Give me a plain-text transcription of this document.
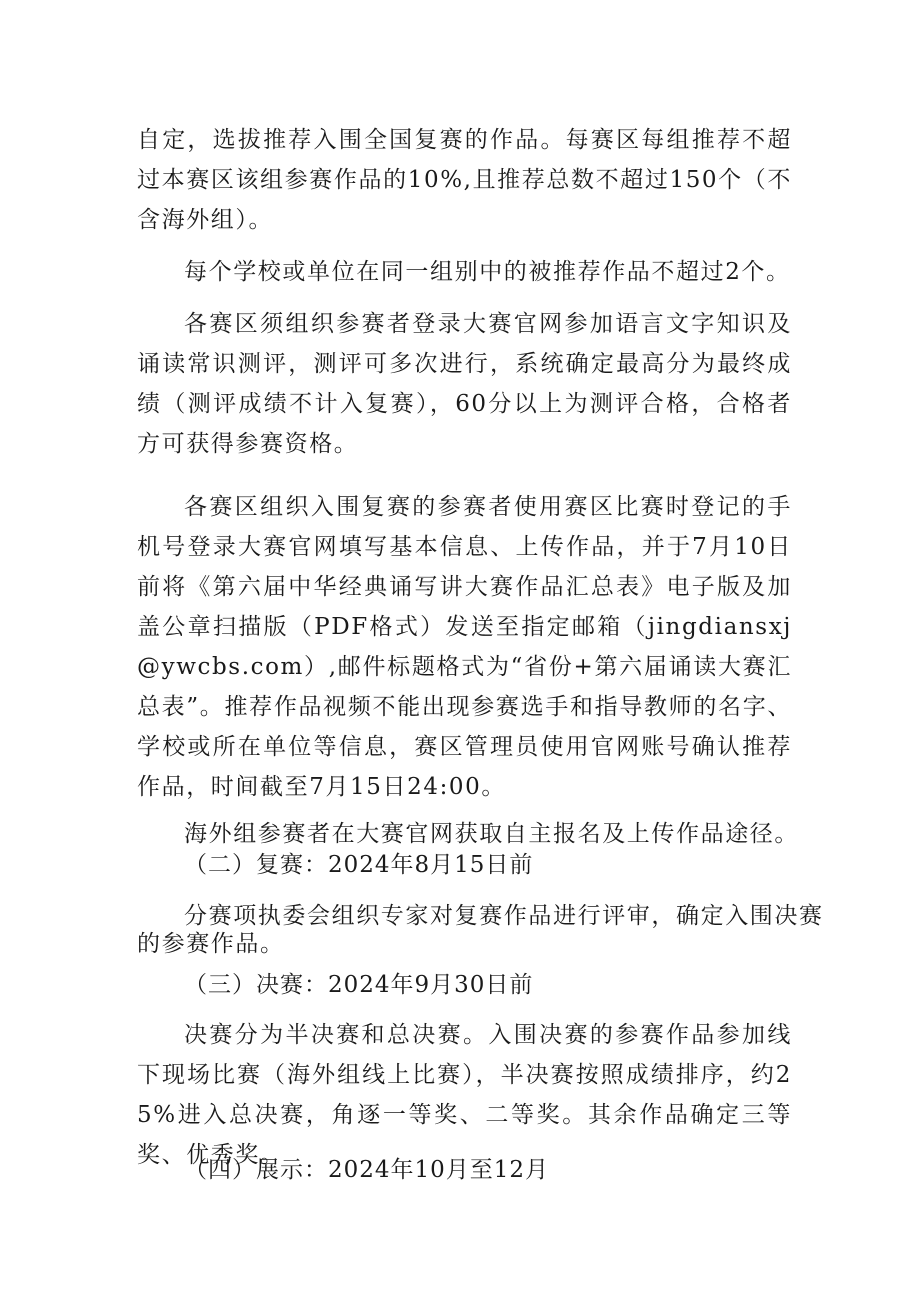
自定，选拔推荐入围全国复赛的作品。每赛区每组推荐不超过本赛区该组参赛作品的10%,且推荐总数不超过150个（不含海外组）。

每个学校或单位在同一组别中的被推荐作品不超过2个。

各赛区须组织参赛者登录大赛官网参加语言文字知识及诵读常识测评，测评可多次进行，系统确定最高分为最终成绩（测评成绩不计入复赛），60分以上为测评合格，合格者方可获得参赛资格。

各赛区组织入围复赛的参赛者使用赛区比赛时登记的手机号登录大赛官网填写基本信息、上传作品，并于7月10日前将《第六届中华经典诵写讲大赛作品汇总表》电子版及加盖公章扫描版（PDF格式）发送至指定邮箱（jingdiansxj@ywcbs.com）,邮件标题格式为“省份+第六届诵读大赛汇总表”。推荐作品视频不能出现参赛选手和指导教师的名字、学校或所在单位等信息，赛区管理员使用官网账号确认推荐作品，时间截至7月15日24:00。

海外组参赛者在大赛官网获取自主报名及上传作品途径。

（二）复赛：2024年8月15日前

分赛项执委会组织专家对复赛作品进行评审，确定入围决赛

的参赛作品。

（三）决赛：2024年9月30日前

决赛分为半决赛和总决赛。入围决赛的参赛作品参加线下现场比赛（海外组线上比赛），半决赛按照成绩排序，约25%进入总决赛，角逐一等奖、二等奖。其余作品确定三等奖、优秀奖。

（四）展示：2024年10月至12月
